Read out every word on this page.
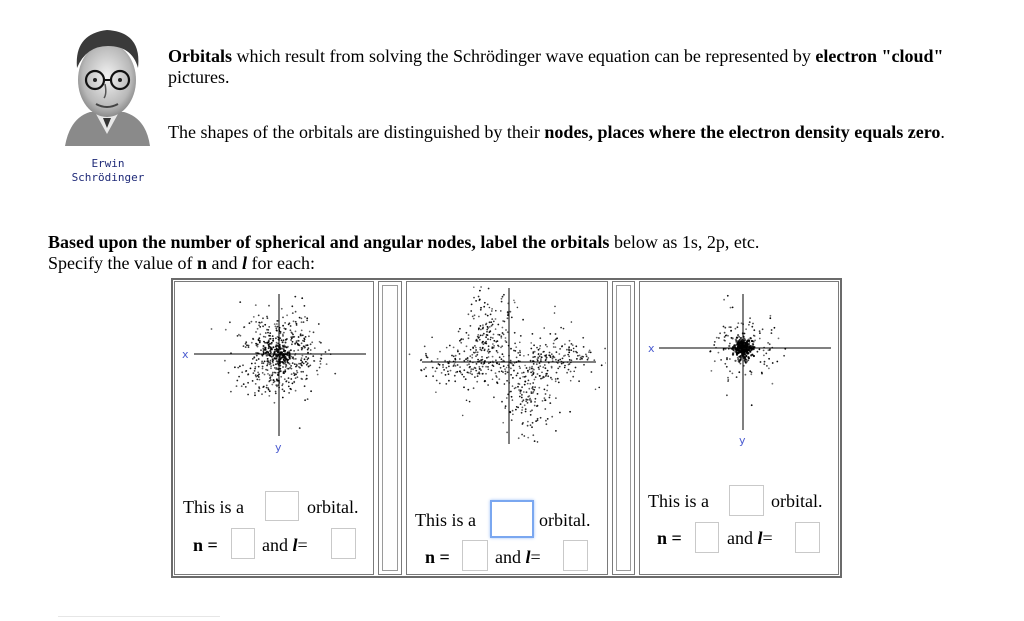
Erwin
Schrödinger
Orbitals which result from solving the Schrödinger wave equation can be represented by electron "cloud" pictures.
The shapes of the orbitals are distinguished by their nodes, places where the electron density equals zero.
Based upon the number of spherical and angular nodes, label the orbitals below as 1s, 2p, etc.
Specify the value of n and l for each:
x
y
x
y
This is a	orbital.
n = and l=
This is a	orbital.
n =	and l=
This is a	orbital.
n =	and l=
